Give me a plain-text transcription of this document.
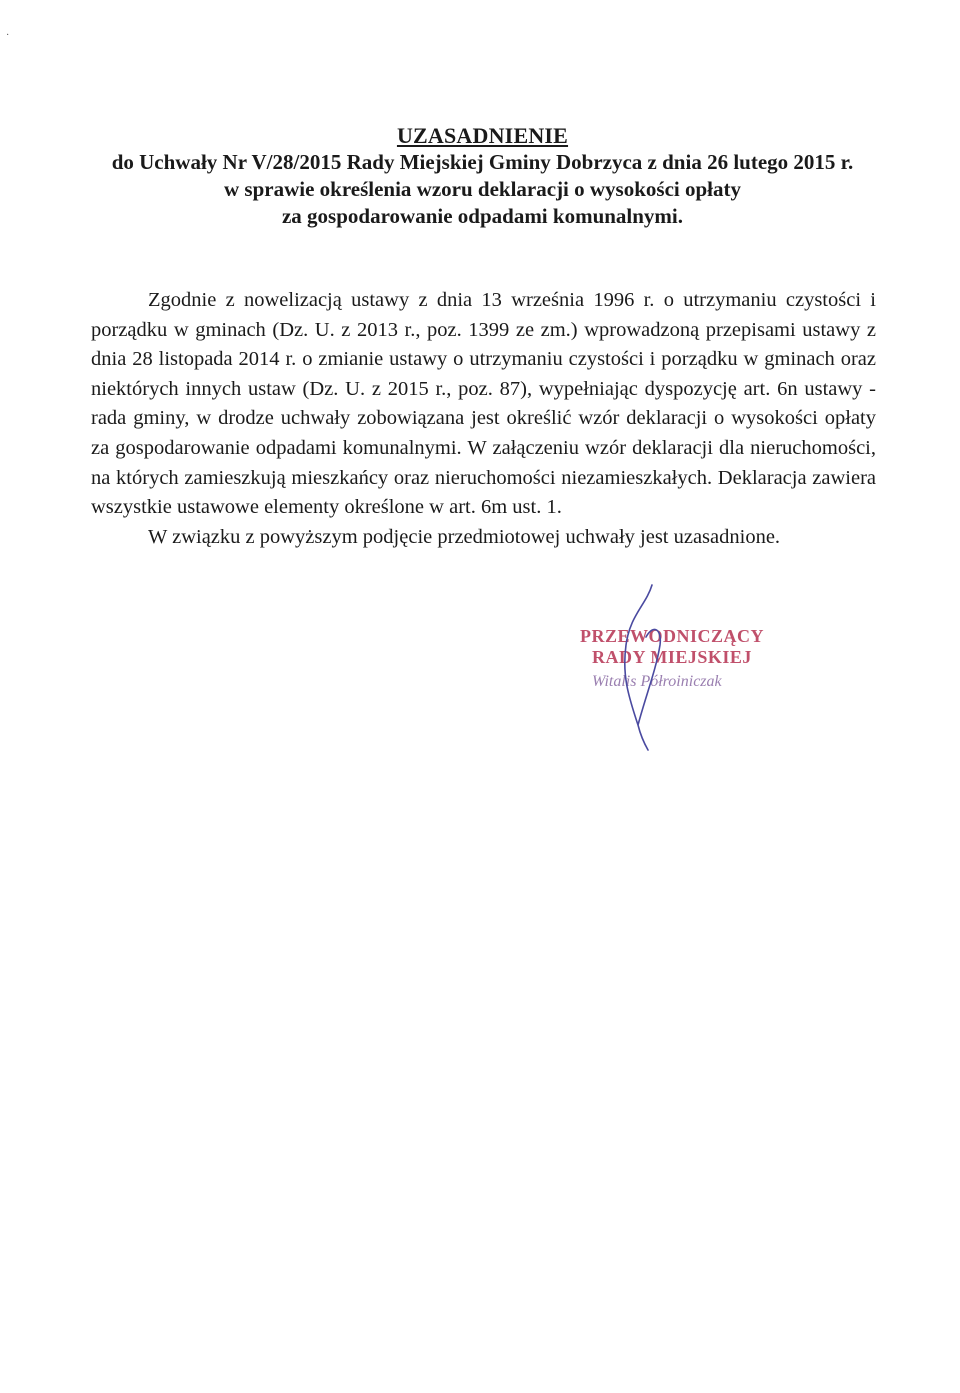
·
UZASADNIENIE
do Uchwały Nr V/28/2015 Rady Miejskiej Gminy Dobrzyca z dnia 26 lutego 2015 r.
w sprawie określenia wzoru deklaracji o wysokości opłaty
za gospodarowanie odpadami komunalnymi.

Zgodnie z nowelizacją ustawy z dnia 13 września 1996 r. o utrzymaniu czystości i porządku w gminach (Dz. U. z 2013 r., poz. 1399 ze zm.) wprowadzoną przepisami ustawy z dnia 28 listopada 2014 r. o zmianie ustawy o utrzymaniu czystości i porządku w gminach oraz niektórych innych ustaw (Dz. U. z 2015 r., poz. 87), wypełniając dyspozycję art. 6n ustawy - rada gminy, w drodze uchwały zobowiązana jest określić wzór deklaracji o wysokości opłaty za gospodarowanie odpadami komunalnymi. W załączeniu wzór deklaracji dla nieruchomości, na których zamieszkują mieszkańcy oraz nieruchomości niezamieszkałych. Deklaracja zawiera wszystkie ustawowe elementy określone w art. 6m ust. 1.

W związku z powyższym podjęcie przedmiotowej uchwały jest uzasadnione.

PRZEWODNICZĄCY
RADY MIEJSKIEJ
Witalis Półroiniczak
